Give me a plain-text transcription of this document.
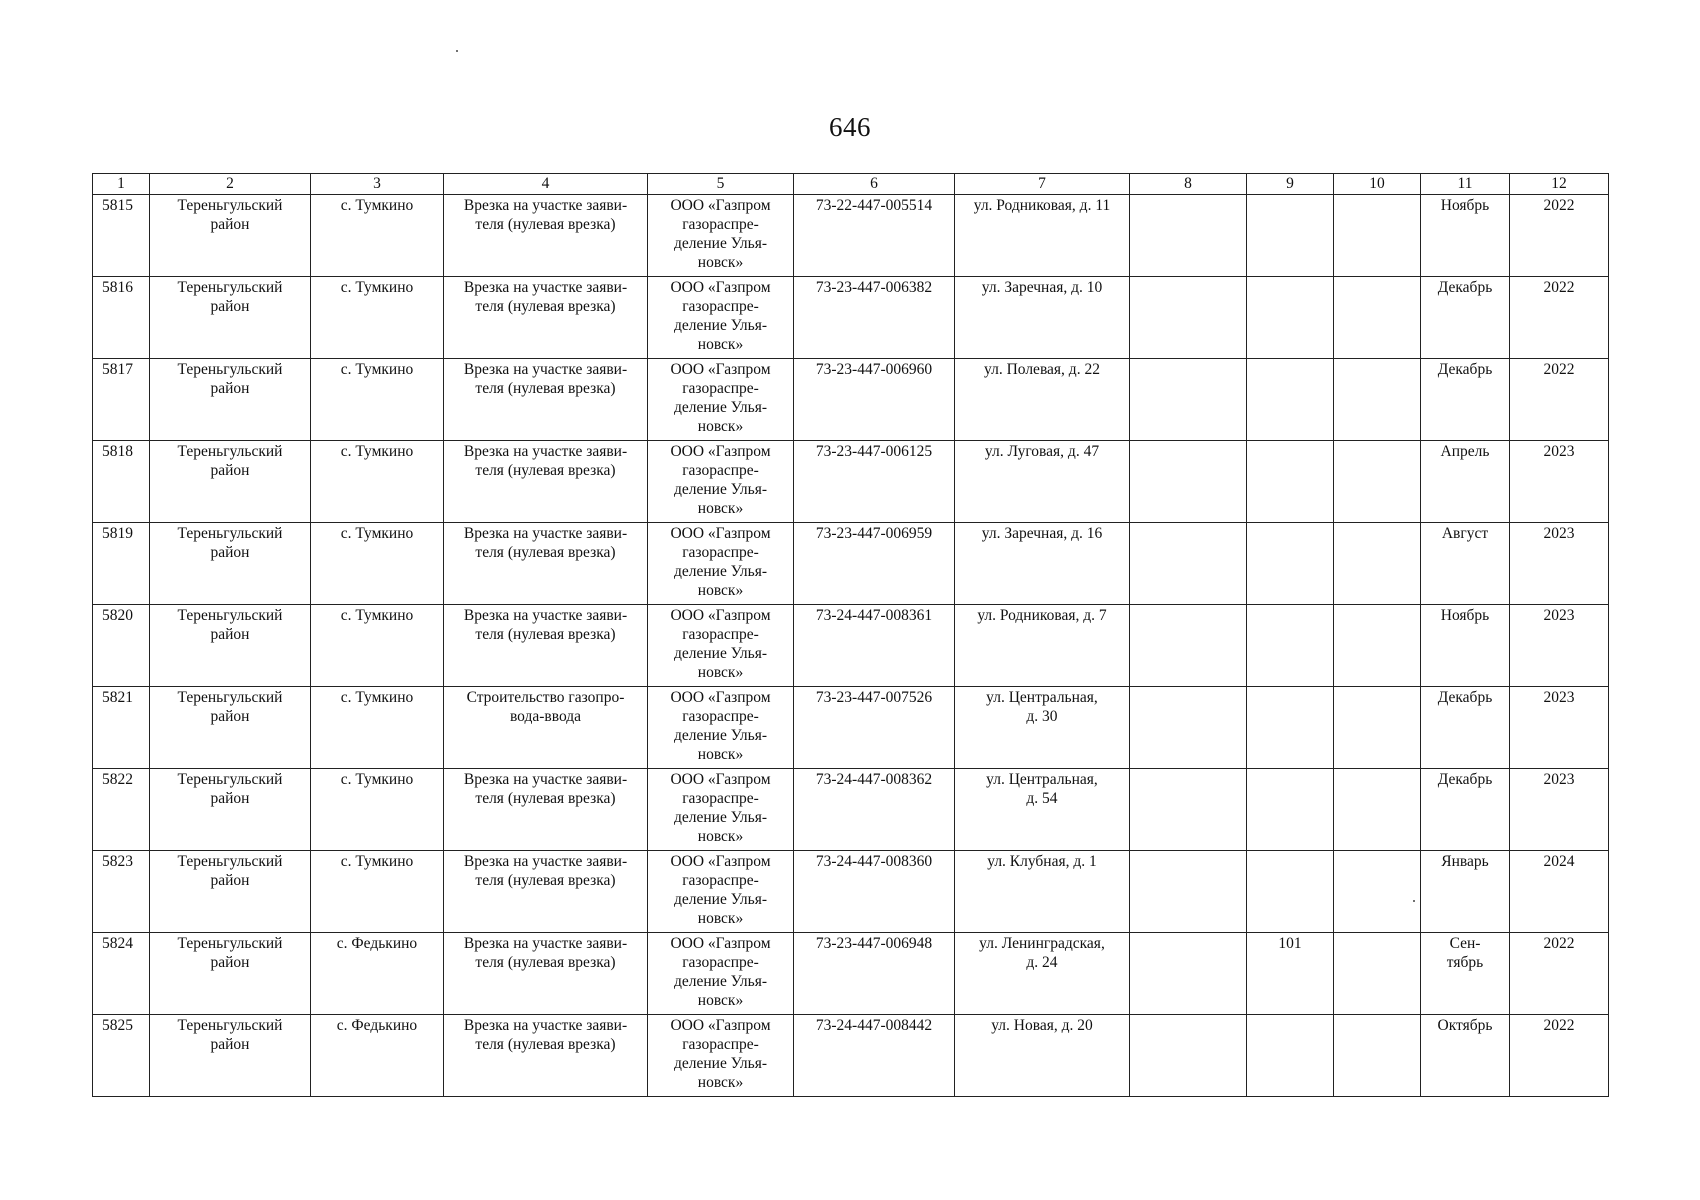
646
1	2	3	4	5	6	7	8	9	10	11	12
5815	Тереньгульский
район	с. Тумкино	Врезка на участке заяви-
теля (нулевая врезка)	ООО «Газпром
газораспре-
деление Улья-
новск»	73-22-447-005514	ул. Родниковая, д. 11				Ноябрь	2022
5816	Тереньгульский
район	с. Тумкино	Врезка на участке заяви-
теля (нулевая врезка)	ООО «Газпром
газораспре-
деление Улья-
новск»	73-23-447-006382	ул. Заречная, д. 10				Декабрь	2022
5817	Тереньгульский
район	с. Тумкино	Врезка на участке заяви-
теля (нулевая врезка)	ООО «Газпром
газораспре-
деление Улья-
новск»	73-23-447-006960	ул. Полевая, д. 22				Декабрь	2022
5818	Тереньгульский
район	с. Тумкино	Врезка на участке заяви-
теля (нулевая врезка)	ООО «Газпром
газораспре-
деление Улья-
новск»	73-23-447-006125	ул. Луговая, д. 47				Апрель	2023
5819	Тереньгульский
район	с. Тумкино	Врезка на участке заяви-
теля (нулевая врезка)	ООО «Газпром
газораспре-
деление Улья-
новск»	73-23-447-006959	ул. Заречная, д. 16				Август	2023
5820	Тереньгульский
район	с. Тумкино	Врезка на участке заяви-
теля (нулевая врезка)	ООО «Газпром
газораспре-
деление Улья-
новск»	73-24-447-008361	ул. Родниковая, д. 7				Ноябрь	2023
5821	Тереньгульский
район	с. Тумкино	Строительство газопро-
вода-ввода	ООО «Газпром
газораспре-
деление Улья-
новск»	73-23-447-007526	ул. Центральная,
д. 30				Декабрь	2023
5822	Тереньгульский
район	с. Тумкино	Врезка на участке заяви-
теля (нулевая врезка)	ООО «Газпром
газораспре-
деление Улья-
новск»	73-24-447-008362	ул. Центральная,
д. 54				Декабрь	2023
5823	Тереньгульский
район	с. Тумкино	Врезка на участке заяви-
теля (нулевая врезка)	ООО «Газпром
газораспре-
деление Улья-
новск»	73-24-447-008360	ул. Клубная, д. 1				Январь	2024
5824	Тереньгульский
район	с. Федькино	Врезка на участке заяви-
теля (нулевая врезка)	ООО «Газпром
газораспре-
деление Улья-
новск»	73-23-447-006948	ул. Ленинградская,
д. 24		101		Сен-
тябрь	2022
5825	Тереньгульский
район	с. Федькино	Врезка на участке заяви-
теля (нулевая врезка)	ООО «Газпром
газораспре-
деление Улья-
новск»	73-24-447-008442	ул. Новая, д. 20				Октябрь	2022
